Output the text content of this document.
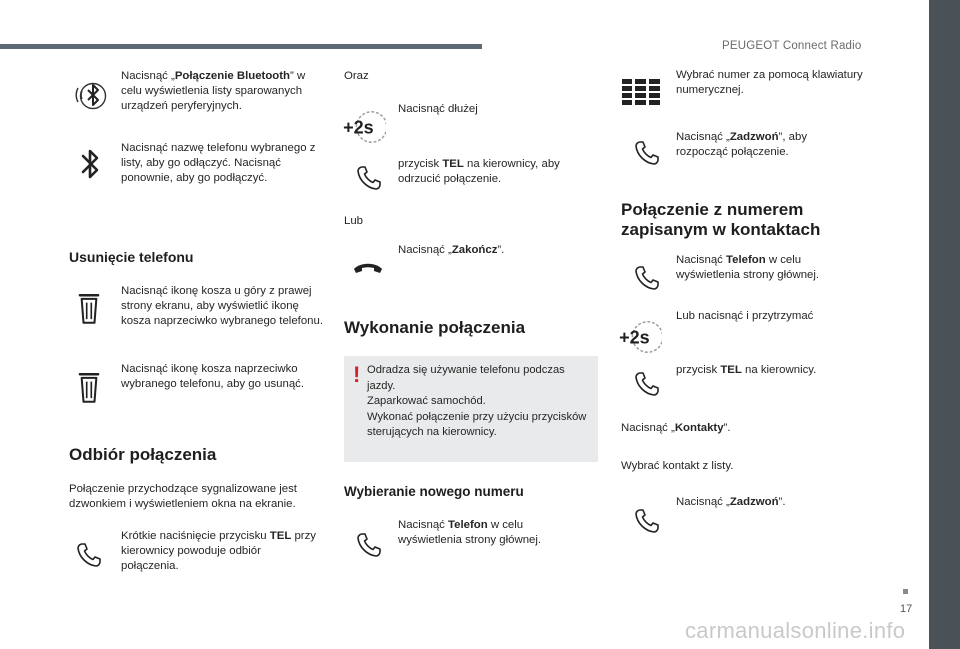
PEUGEOT Connect Radio
Nacisnąć „Połączenie Bluetooth” w celu wyświetlenia listy sparowanych urządzeń peryferyjnych.
Nacisnąć nazwę telefonu wybranego z listy, aby go odłączyć. Nacisnąć ponownie, aby go podłączyć.
Usunięcie telefonu
Nacisnąć ikonę kosza u góry z prawej strony ekranu, aby wyświetlić ikonę kosza naprzeciwko wybranego telefonu.
Nacisnąć ikonę kosza naprzeciwko wybranego telefonu, aby go usunąć.
Odbiór połączenia
Połączenie przychodzące sygnalizowane jest dzwonkiem i wyświetleniem okna na ekranie.
Krótkie naciśnięcie przycisku TEL przy kierownicy powoduje odbiór połączenia.
Oraz
Nacisnąć dłużej
przycisk TEL na kierownicy, aby odrzucić połączenie.
Lub
Nacisnąć „Zakończ”.
Wykonanie połączenia
! Odradza się używanie telefonu podczas jazdy.
Zaparkować samochód.
Wykonać połączenie przy użyciu przycisków sterujących na kierownicy.
Wybieranie nowego numeru
Nacisnąć Telefon w celu wyświetlenia strony głównej.
Wybrać numer za pomocą klawiatury numerycznej.
Nacisnąć „Zadzwoń”, aby rozpocząć połączenie.
Połączenie z numerem zapisanym w kontaktach
Nacisnąć Telefon w celu wyświetlenia strony głównej.
Lub nacisnąć i przytrzymać
przycisk TEL na kierownicy.
Nacisnąć „Kontakty”.
Wybrać kontakt z listy.
Nacisnąć „Zadzwoń”.
17
carmanualsonline.info
